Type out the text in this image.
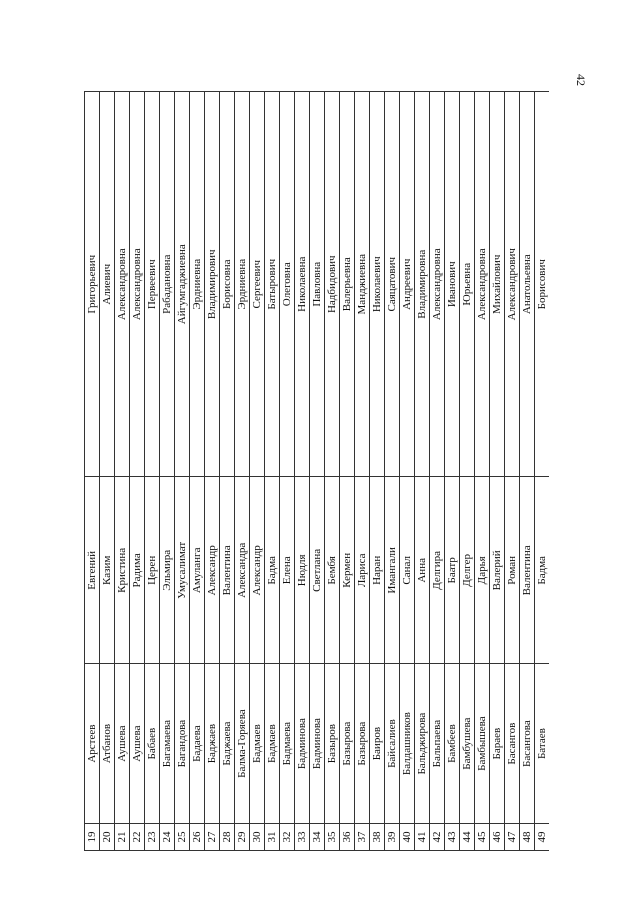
42
19	Арстеев	Евгений	Григорьевич
20	Атбанов	Казим	Алиевич
21	Аушева	Кристина	Александровна
22	Аушева	Радима	Александровна
23	Бабаев	Церен	Первеевич
24	Багамаева	Эльмира	Рабадановна
25	Багандова	Умусалимат	Айгумгаджиевна
26	Бадаева	Амуланга	Эрдниевна
27	Баджаев	Александр	Владимирович
28	Баджаева	Валентина	Борисовна
29	Балма-Горяева	Александра	Эрдниевна
30	Бадмаев	Александр	Сергеевич
31	Бадмаев	Бадма	Батырович
32	Бадмаева	Елена	Олеговна
33	Бадминова	Нюдля	Николаевна
34	Бадминова	Светлана	Павловна
35	Базыров	Бембя	Надбидович
36	Базырова	Кермен	Валерьевна
37	Базырова	Лариса	Манджиевна
38	Баиров	Наран	Николаевич
39	Байсалиев	Имангали	Саяцатович
40	Балдашников	Санал	Андреевич
41	Бальджирова	Анна	Владимировна
42	Бальпаева	Делгира	Александровна
43	Бамбеев	Баатр	Иванович
44	Бамбушева	Делгер	Юрьевна
45	Бамбышева	Дарья	Александровна
46	Бараев	Валерий	Михайлович
47	Басангов	Роман	Александрович
48	Басангова	Валентина	Анатольевна
49	Батаев	Бадма	Борисович
